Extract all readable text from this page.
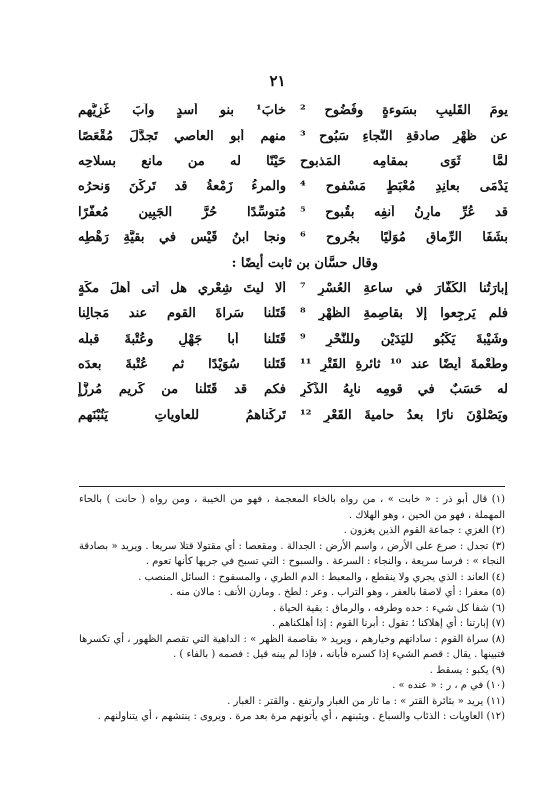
٢١
خابَ¹ بنو أسدٍ وآبَ غَزِيُّهم يومَ القَليبِ بسَوءةٍ وفُضُوحِ ²
منهم أبو العاصي تَجدَّلَ مُقْعَصًا عن ظَهْرِ صادقةِ النَّجاءِ سَبُوحِ ³
حَيْنًا له من مانعٍ بسلاحِه لمَّا ثَوَى بمقامِه المَذبوحِ
والمرءُ زَمْعةُ قد تَركْنَ وَنحرُه يَدْمَى بعانِدِ مُعْبَطٍ مَسْفوحِ ⁴
مُتوسِّدًا حُرَّ الجَبِينِ مُعفَّرًا قد عُرِّ مارِنُ أنفِه بقُبوحِ ⁵
ونجا ابنُ قَيْسٍ في بقيَّةِ رَهْطِه بشَفَا الرِّماقِ مُوَلِّيًا بجُروحِ ⁶
وقال حسَّان بن ثابت أيضًا :
ألا ليتَ شِعْري هل أتى أهلَ مكَّةٍ إبارَتُنا الكُفَّارَ في ساعةِ العُسْرِ ⁷
قَتَلْنا سَراةَ القومِ عند مَجالِنا فلم يَرجِعوا إلا بقاصِمةِ الظَّهْرِ ⁸
قَتَلْنا أبا جَهْلٍ وعُتْبةَ قبلَه وشَيْبةَ يَكْبُو لليَدَيْنِ وللنَّحْرِ ⁹
قَتَلْنا سُوَيْدًا ثم عُتْبةَ بعدَه وطُعْمةَ أيضًا عند ¹⁰ ثائرةِ القَتْرِ ¹¹
فكم قد قَتَلْنا من كَريمٍ مُرزَّأٍ له حَسَبٌ في قومِه نابِهُ الذِّكْرِ
تَركْناهمُ للعاوياتِ يَنُبْنَهم ويَصْلَوْنَ نارًا بعدُ حاميةَ القَعْرِ ¹²
(١) قال أبو ذر : « خابت » ، من رواه بالخاء المعجمة ، فهو من الخيبة ، ومن رواه ( حانت ) بالحاء المهملة ، فهو من الحين ، وهو الهلاك .
(٢) الغزي : جماعة القوم الذين يغزون .
(٣) تجدل : صرع على الأرض ، واسم الأرض : الجدالة . ومقعصا : أي مقتولا قتلا سريعا . ويريد « بصادقة النجاء » : فرسا سريعة ، والنجاء : السرعة . والسبوح : التي تسبح في جريها كأنها تعوم .
(٤) العاند : الذي يجري ولا ينقطع ، والمعبط : الدم الطري ، والمسفوح : السائل المنصب .
(٥) معفرا : أي لاصقا بالعفر ، وهو التراب . وعر : لطخ . ومارن الأنف : مالان منه .
(٦) شفا كل شيء : حده وطرفه ، والرماق : بقية الحياة .
(٧) إبارتنا : أي إهلاكنا ؛ تقول : أبرنا القوم : إذا أهلكناهم .
(٨) سراة القوم : ساداتهم وخيارهم ، ويريد « بقاصمة الظهر » : الداهية التي تقصم الظهور ، أي تكسرها فتبينها . يقال : قصم الشيء إذا كسره فأبانه ، فإذا لم يبنه قيل : فصمه ( بالفاء ) .
(٩) يكبو : يسقط .
(١٠) في م ، ر : « عنده » .
(١١) يريد « بثائرة القتر » : ما ثار من الغبار وارتفع . والقتر : الغبار .
(١٢) العاويات : الذئاب والسباع . ويثبنهم ، أي يأتونهم مرة بعد مرة . ويروى : ينتشهم ، أي يتناولنهم .
